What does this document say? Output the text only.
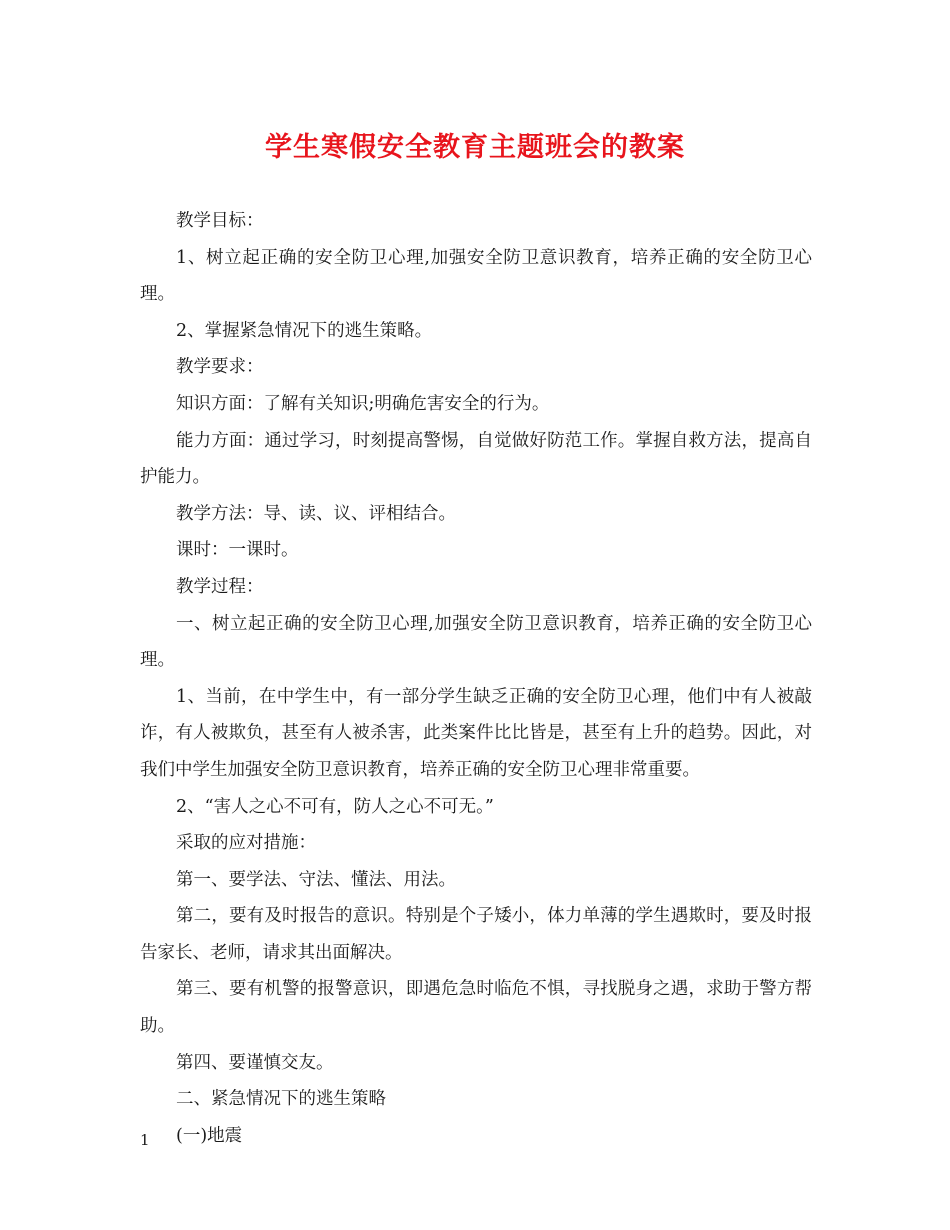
学生寒假安全教育主题班会的教案

教学目标：

1、树立起正确的安全防卫心理,加强安全防卫意识教育，培养正确的安全防卫心理。

2、掌握紧急情况下的逃生策略。

教学要求：

知识方面：了解有关知识;明确危害安全的行为。

能力方面：通过学习，时刻提高警惕，自觉做好防范工作。掌握自救方法，提高自护能力。

教学方法：导、读、议、评相结合。

课时：一课时。

教学过程：

一、树立起正确的安全防卫心理,加强安全防卫意识教育，培养正确的安全防卫心理。

1、当前，在中学生中，有一部分学生缺乏正确的安全防卫心理，他们中有人被敲诈，有人被欺负，甚至有人被杀害，此类案件比比皆是，甚至有上升的趋势。因此，对我们中学生加强安全防卫意识教育，培养正确的安全防卫心理非常重要。

2、“害人之心不可有，防人之心不可无。”

采取的应对措施：

第一、要学法、守法、懂法、用法。

第二，要有及时报告的意识。特别是个子矮小，体力单薄的学生遇欺时，要及时报告家长、老师，请求其出面解决。

第三、要有机警的报警意识，即遇危急时临危不惧，寻找脱身之遇，求助于警方帮助。

第四、要谨慎交友。

二、紧急情况下的逃生策略

(一)地震

1
